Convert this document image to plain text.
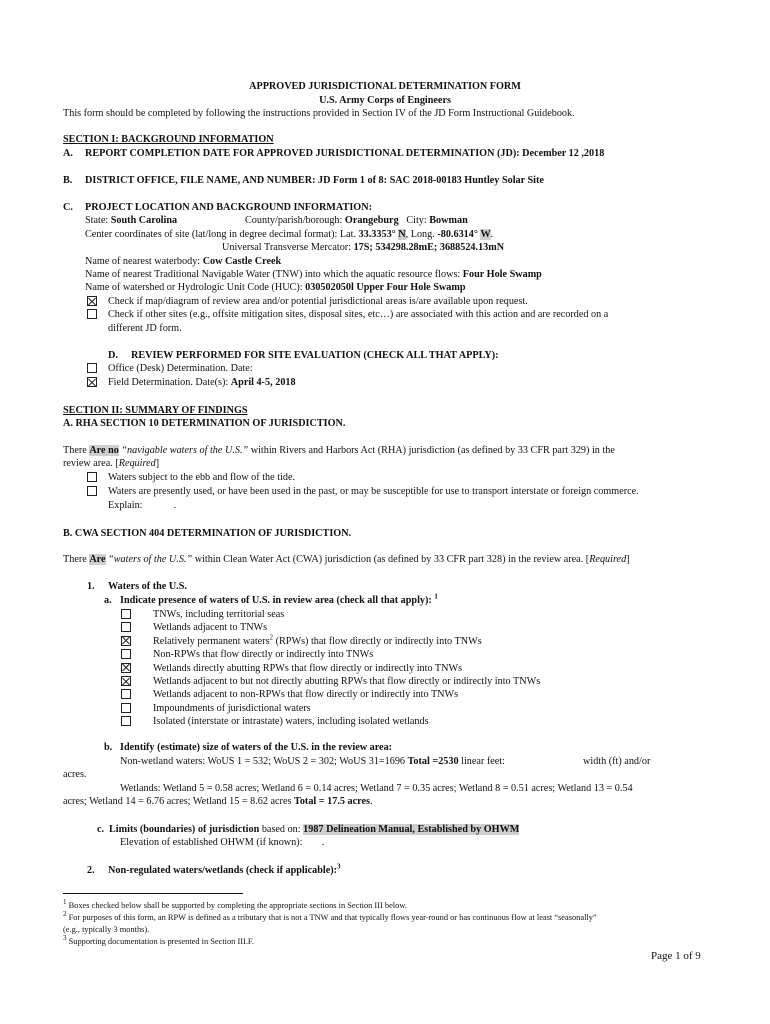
APPROVED JURISDICTIONAL DETERMINATION FORM
U.S. Army Corps of Engineers
This form should be completed by following the instructions provided in Section IV of the JD Form Instructional Guidebook.
SECTION I: BACKGROUND INFORMATION
A. REPORT COMPLETION DATE FOR APPROVED JURISDICTIONAL DETERMINATION (JD): December 12 ,2018
B. DISTRICT OFFICE, FILE NAME, AND NUMBER: JD Form 1 of 8: SAC 2018-00183 Huntley Solar Site
C. PROJECT LOCATION AND BACKGROUND INFORMATION:
State: South Carolina	County/parish/borough: Orangeburg City: Bowman
Center coordinates of site (lat/long in degree decimal format): Lat. 33.3353° N, Long. -80.6314° W.
Universal Transverse Mercator: 17S; 534298.28mE; 3688524.13mN
Name of nearest waterbody: Cow Castle Creek
Name of nearest Traditional Navigable Water (TNW) into which the aquatic resource flows: Four Hole Swamp
Name of watershed or Hydrologic Unit Code (HUC): 030502050l Upper Four Hole Swamp
Check if map/diagram of review area and/or potential jurisdictional areas is/are available upon request.
Check if other sites (e.g., offsite mitigation sites, disposal sites, etc…) are associated with this action and are recorded on a
different JD form.
D. REVIEW PERFORMED FOR SITE EVALUATION (CHECK ALL THAT APPLY):
Office (Desk) Determination. Date:
Field Determination. Date(s): April 4-5, 2018
SECTION II: SUMMARY OF FINDINGS
A. RHA SECTION 10 DETERMINATION OF JURISDICTION.
There Are no “navigable waters of the U.S.” within Rivers and Harbors Act (RHA) jurisdiction (as defined by 33 CFR part 329) in the
review area. [Required]
Waters subject to the ebb and flow of the tide.
Waters are presently used, or have been used in the past, or may be susceptible for use to transport interstate or foreign commerce.
Explain:	.
B. CWA SECTION 404 DETERMINATION OF JURISDICTION.
There Are “waters of the U.S.” within Clean Water Act (CWA) jurisdiction (as defined by 33 CFR part 328) in the review area. [Required]
1. Waters of the U.S.
a. Indicate presence of waters of U.S. in review area (check all that apply): $^1$
TNWs, including territorial seas
Wetlands adjacent to TNWs
Relatively permanent waters$^2$ (RPWs) that flow directly or indirectly into TNWs
Non-RPWs that flow directly or indirectly into TNWs
Wetlands directly abutting RPWs that flow directly or indirectly into TNWs
Wetlands adjacent to but not directly abutting RPWs that flow directly or indirectly into TNWs
Wetlands adjacent to non-RPWs that flow directly or indirectly into TNWs
Impoundments of jurisdictional waters
Isolated (interstate or intrastate) waters, including isolated wetlands
b. Identify (estimate) size of waters of the U.S. in the review area:
Non-wetland waters: WoUS 1 = 532; WoUS 2 = 302; WoUS 31=1696 Total =2530 linear feet:	width (ft) and/or
acres.
Wetlands: Wetland 5 = 0.58 acres; Wetland 6 = 0.14 acres; Wetland 7 = 0.35 acres; Wetland 8 = 0.51 acres; Wetland 13 = 0.54
acres; Wetland 14 = 6.76 acres; Wetland 15 = 8.62 acres Total = 17.5 acres.
c. Limits (boundaries) of jurisdiction based on: 1987 Delineation Manual, Established by OHWM
Elevation of established OHWM (if known): .
2. Non-regulated waters/wetlands (check if applicable):$^3$
$^1$ Boxes checked below shall be supported by completing the appropriate sections in Section III below.
$^2$ For purposes of this form, an RPW is defined as a tributary that is not a TNW and that typically flows year-round or has continuous flow at least “seasonally”
(e.g., typically 3 months).
$^3$ Supporting documentation is presented in Section III.F.
Page 1 of 9
